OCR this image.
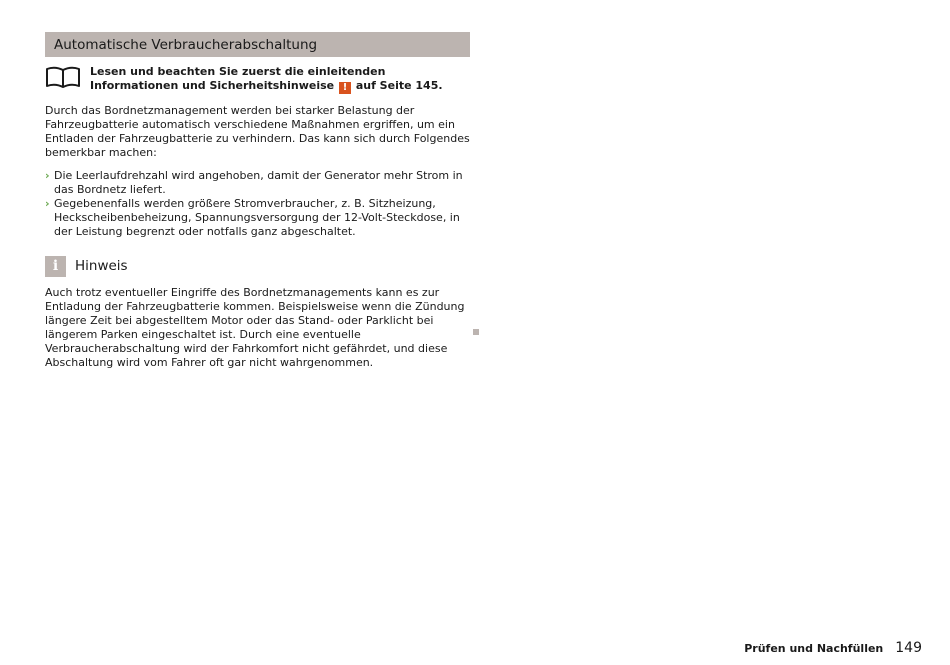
Automatische Verbraucherabschaltung
Lesen und beachten Sie zuerst die einleitenden Informationen und Sicherheitshinweise ! auf Seite 145.

Durch das Bordnetzmanagement werden bei starker Belastung der Fahrzeugbatterie automatisch verschiedene Maßnahmen ergriffen, um ein Entladen der Fahrzeugbatterie zu verhindern. Das kann sich durch Folgendes bemerkbar machen:

› Die Leerlaufdrehzahl wird angehoben, damit der Generator mehr Strom in das Bordnetz liefert.
› Gegebenenfalls werden größere Stromverbraucher, z. B. Sitzheizung, Heckscheibenbeheizung, Spannungsversorgung der 12-Volt-Steckdose, in der Leistung begrenzt oder notfalls ganz abgeschaltet.
i	Hinweis

Auch trotz eventueller Eingriffe des Bordnetzmanagements kann es zur Entladung der Fahrzeugbatterie kommen. Beispielsweise wenn die Zündung längere Zeit bei abgestelltem Motor oder das Stand- oder Parklicht bei längerem Parken eingeschaltet ist. Durch eine eventuelle Verbraucherabschaltung wird der Fahrkomfort nicht gefährdet, und diese Abschaltung wird vom Fahrer oft gar nicht wahrgenommen.

Prüfen und Nachfüllen 149
